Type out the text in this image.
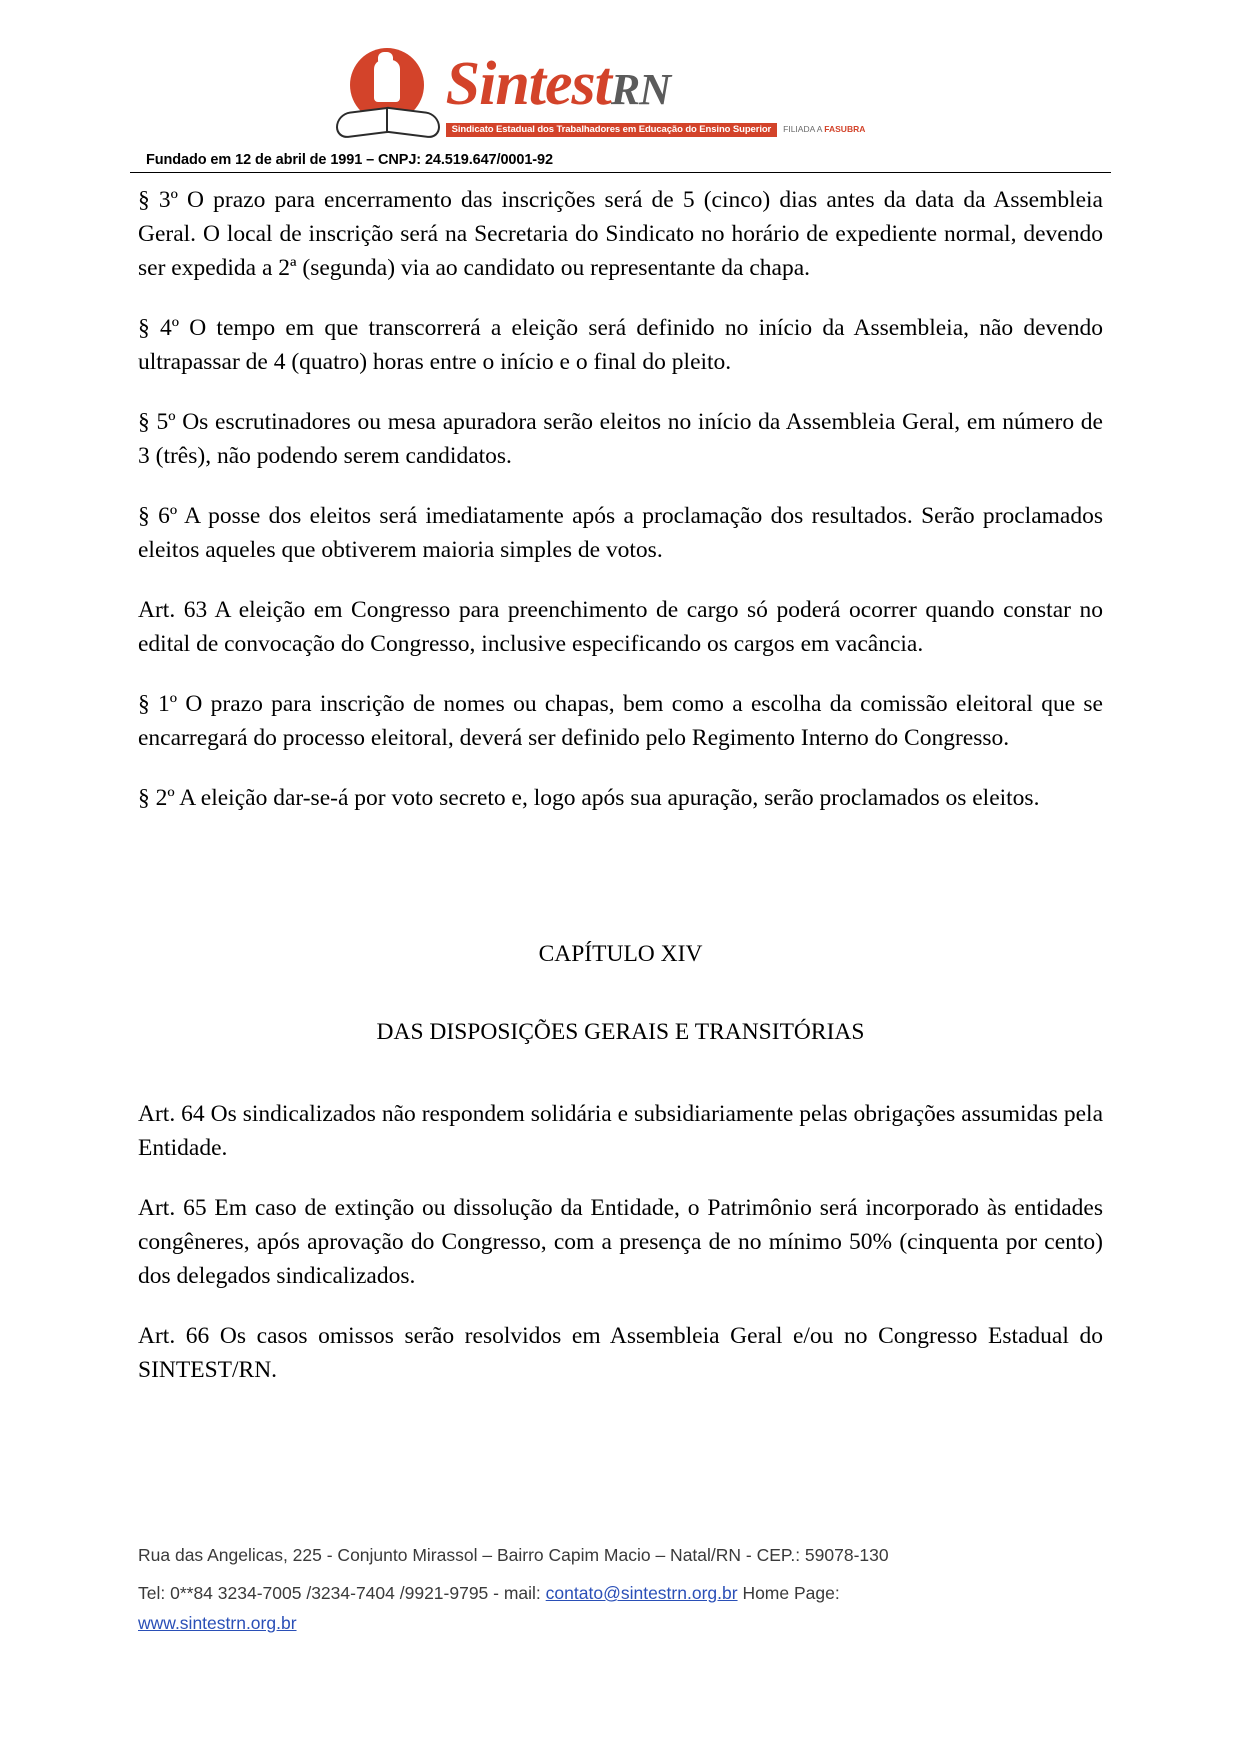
SintestRN
Sindicato Estadual dos Trabalhadores em Educação do Ensino Superior FILIADA A FASUBRA
Fundado em 12 de abril de 1991 – CNPJ: 24.519.647/0001-92

§ 3º O prazo para encerramento das inscrições será de 5 (cinco) dias antes da data da Assembleia Geral. O local de inscrição será na Secretaria do Sindicato no horário de expediente normal, devendo ser expedida a 2ª (segunda) via ao candidato ou representante da chapa.

§ 4º O tempo em que transcorrerá a eleição será definido no início da Assembleia, não devendo ultrapassar de 4 (quatro) horas entre o início e o final do pleito.

§ 5º Os escrutinadores ou mesa apuradora serão eleitos no início da Assembleia Geral, em número de 3 (três), não podendo serem candidatos.

§ 6º A posse dos eleitos será imediatamente após a proclamação dos resultados. Serão proclamados eleitos aqueles que obtiverem maioria simples de votos.

Art. 63 A eleição em Congresso para preenchimento de cargo só poderá ocorrer quando constar no edital de convocação do Congresso, inclusive especificando os cargos em vacância.

§ 1º O prazo para inscrição de nomes ou chapas, bem como a escolha da comissão eleitoral que se encarregará do processo eleitoral, deverá ser definido pelo Regimento Interno do Congresso.

§ 2º A eleição dar-se-á por voto secreto e, logo após sua apuração, serão proclamados os eleitos.

CAPÍTULO XIV
DAS DISPOSIÇÕES GERAIS E TRANSITÓRIAS

Art. 64 Os sindicalizados não respondem solidária e subsidiariamente pelas obrigações assumidas pela Entidade.

Art. 65 Em caso de extinção ou dissolução da Entidade, o Patrimônio será incorporado às entidades congêneres, após aprovação do Congresso, com a presença de no mínimo 50% (cinquenta por cento) dos delegados sindicalizados.

Art. 66 Os casos omissos serão resolvidos em Assembleia Geral e/ou no Congresso Estadual do SINTEST/RN.

Rua das Angelicas, 225 - Conjunto Mirassol – Bairro Capim Macio – Natal/RN - CEP.: 59078-130
Tel: 0**84 3234-7005 /3234-7404 /9921-9795 - mail: contato@sintestrn.org.br Home Page:
www.sintestrn.org.br
